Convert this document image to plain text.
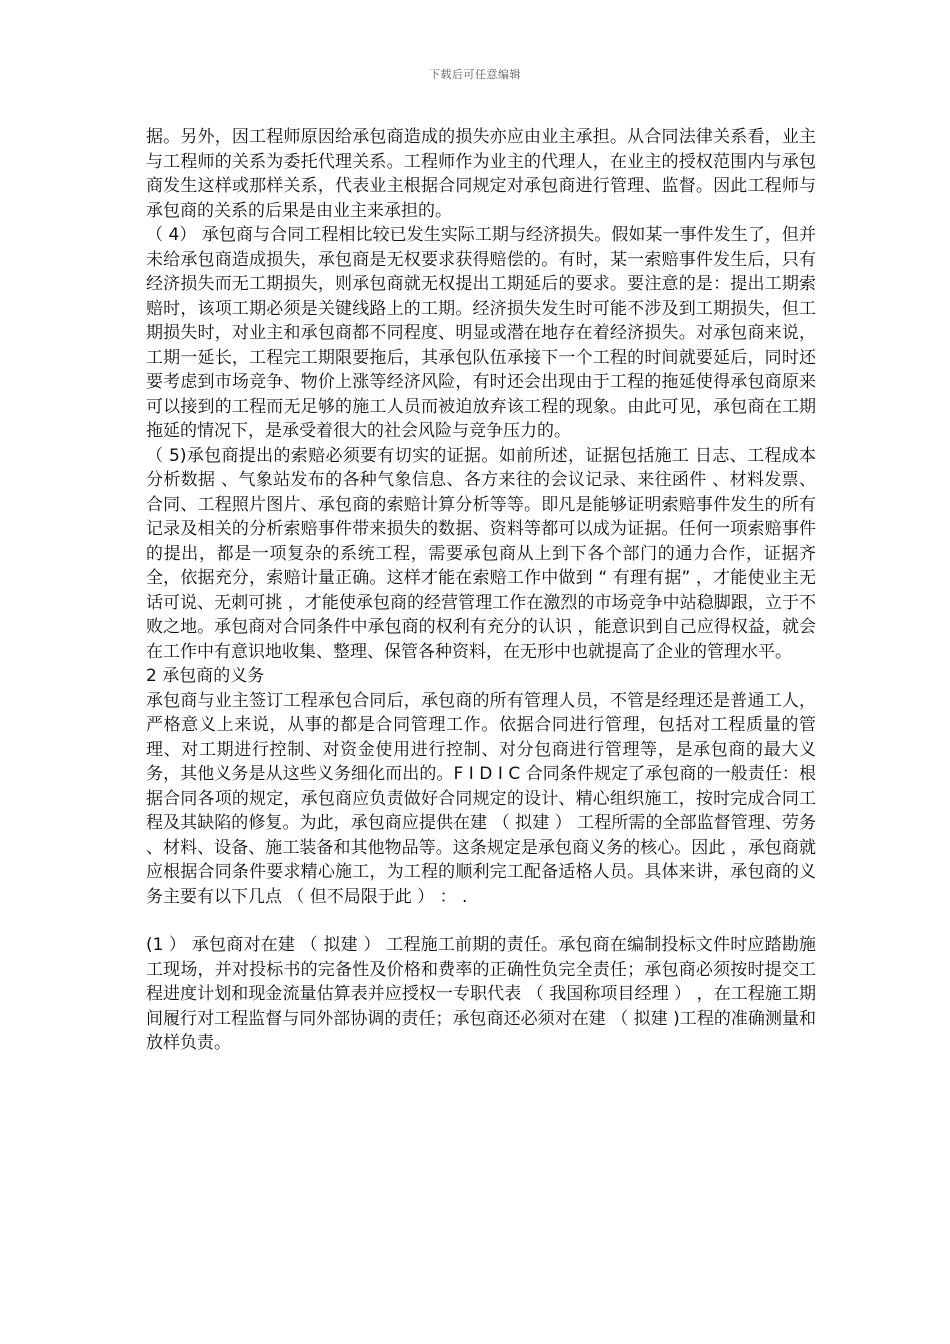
下载后可任意编辑

据。另外，因工程师原因给承包商造成的损失亦应由业主承担。从合同法律关系看，业主与工程师的关系为委托代理关系。工程师作为业主的代理人，在业主的授权范围内与承包商发生这样或那样关系，代表业主根据合同规定对承包商进行管理、监督。因此工程师与承包商的关系的后果是由业主来承担的。

（ 4） 承包商与合同工程相比较已发生实际工期与经济损失。假如某一事件发生了，但并未给承包商造成损失，承包商是无权要求获得赔偿的。有时，某一索赔事件发生后，只有经济损失而无工期损失，则承包商就无权提出工期延后的要求。要注意的是：提出工期索赔时，该项工期必须是关键线路上的工期。经济损失发生时可能不涉及到工期损失，但工期损失时，对业主和承包商都不同程度、明显或潜在地存在着经济损失。对承包商来说，工期一延长，工程完工期限要拖后，其承包队伍承接下一个工程的时间就要延后，同时还要考虑到市场竞争、物价上涨等经济风险，有时还会出现由于工程的拖延使得承包商原来可以接到的工程而无足够的施工人员而被迫放弃该工程的现象。由此可见，承包商在工期拖延的情况下，是承受着很大的社会风险与竞争压力的。

（ 5)承包商提出的索赔必须要有切实的证据。如前所述，证据包括施工 日志、工程成本分析数据 、气象站发布的各种气象信息、各方来往的会议记录、来往函件 、材料发票、合同、工程照片图片、承包商的索赔计算分析等等。即凡是能够证明索赔事件发生的所有记录及相关的分析索赔事件带来损失的数据、资料等都可以成为证据。任何一项索赔事件的提出，都是一项复杂的系统工程，需要承包商从上到下各个部门的通力合作，证据齐全，依据充分，索赔计量正确。这样才能在索赔工作中做到 “ 有理有据” ，才能使业主无话可说、无刺可挑 ，才能使承包商的经营管理工作在激烈的市场竞争中站稳脚跟，立于不败之地。承包商对合同条件中承包商的权利有充分的认识 ，能意识到自己应得权益，就会在工作中有意识地收集、整理、保管各种资料，在无形中也就提高了企业的管理水平。

2 承包商的义务

承包商与业主签订工程承包合同后，承包商的所有管理人员，不管是经理还是普通工人，严格意义上来说，从事的都是合同管理工作。依据合同进行管理，包括对工程质量的管理、对工期进行控制、对资金使用进行控制、对分包商进行管理等，是承包商的最大义务，其他义务是从这些义务细化而出的。F I D I C 合同条件规定了承包商的一般责任：根据合同各项的规定，承包商应负责做好合同规定的设计、精心组织施工，按时完成合同工程及其缺陷的修复。为此，承包商应提供在建 （ 拟建 ） 工程所需的全部监督管理、劳务 、材料、设备、施工装备和其他物品等。这条规定是承包商义务的核心。因此 ，承包商就应根据合同条件要求精心施工，为工程的顺利完工配备适格人员。具体来讲，承包商的义务主要有以下几点 （ 但不局限于此 ） ： .

(1 ） 承包商对在建 （ 拟建 ） 工程施工前期的责任。承包商在编制投标文件时应踏勘施工现场，并对投标书的完备性及价格和费率的正确性负完全责任；承包商必须按时提交工程进度计划和现金流量估算表并应授权一专职代表 （ 我国称项目经理 ） ，在工程施工期间履行对工程监督与同外部协调的责任；承包商还必须对在建 （ 拟建 )工程的准确测量和放样负责。
